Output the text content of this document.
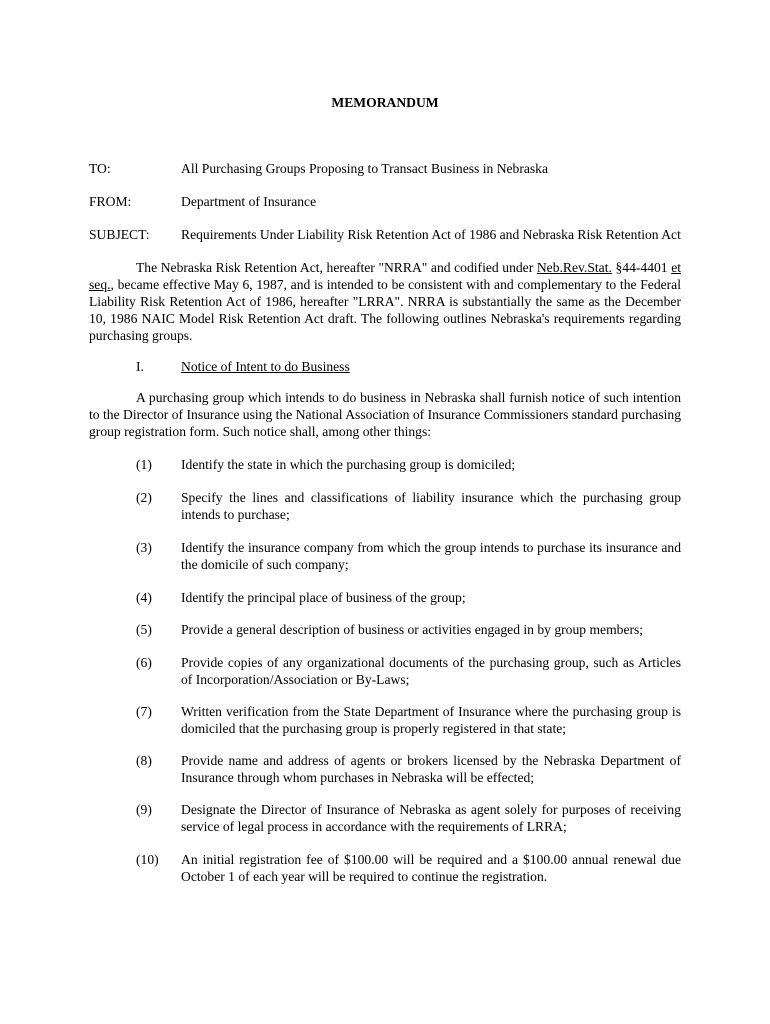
MEMORANDUM
TO:	All Purchasing Groups Proposing to Transact Business in Nebraska
FROM:	Department of Insurance
SUBJECT: Requirements Under Liability Risk Retention Act of 1986 and Nebraska Risk Retention Act
The Nebraska Risk Retention Act, hereafter "NRRA" and codified under Neb.Rev.Stat. §44-4401 et seq., became effective May 6, 1987, and is intended to be consistent with and complementary to the Federal Liability Risk Retention Act of 1986, hereafter "LRRA". NRRA is substantially the same as the December 10, 1986 NAIC Model Risk Retention Act draft. The following outlines Nebraska's requirements regarding purchasing groups.
I.	Notice of Intent to do Business
A purchasing group which intends to do business in Nebraska shall furnish notice of such intention to the Director of Insurance using the National Association of Insurance Commissioners standard purchasing group registration form. Such notice shall, among other things:
(1) Identify the state in which the purchasing group is domiciled;
(2) Specify the lines and classifications of liability insurance which the purchasing group intends to purchase;
(3) Identify the insurance company from which the group intends to purchase its insurance and the domicile of such company;
(4) Identify the principal place of business of the group;
(5) Provide a general description of business or activities engaged in by group members;
(6) Provide copies of any organizational documents of the purchasing group, such as Articles of Incorporation/Association or By-Laws;
(7) Written verification from the State Department of Insurance where the purchasing group is domiciled that the purchasing group is properly registered in that state;
(8) Provide name and address of agents or brokers licensed by the Nebraska Department of Insurance through whom purchases in Nebraska will be effected;
(9) Designate the Director of Insurance of Nebraska as agent solely for purposes of receiving service of legal process in accordance with the requirements of LRRA;
(10) An initial registration fee of $100.00 will be required and a $100.00 annual renewal due October 1 of each year will be required to continue the registration.
